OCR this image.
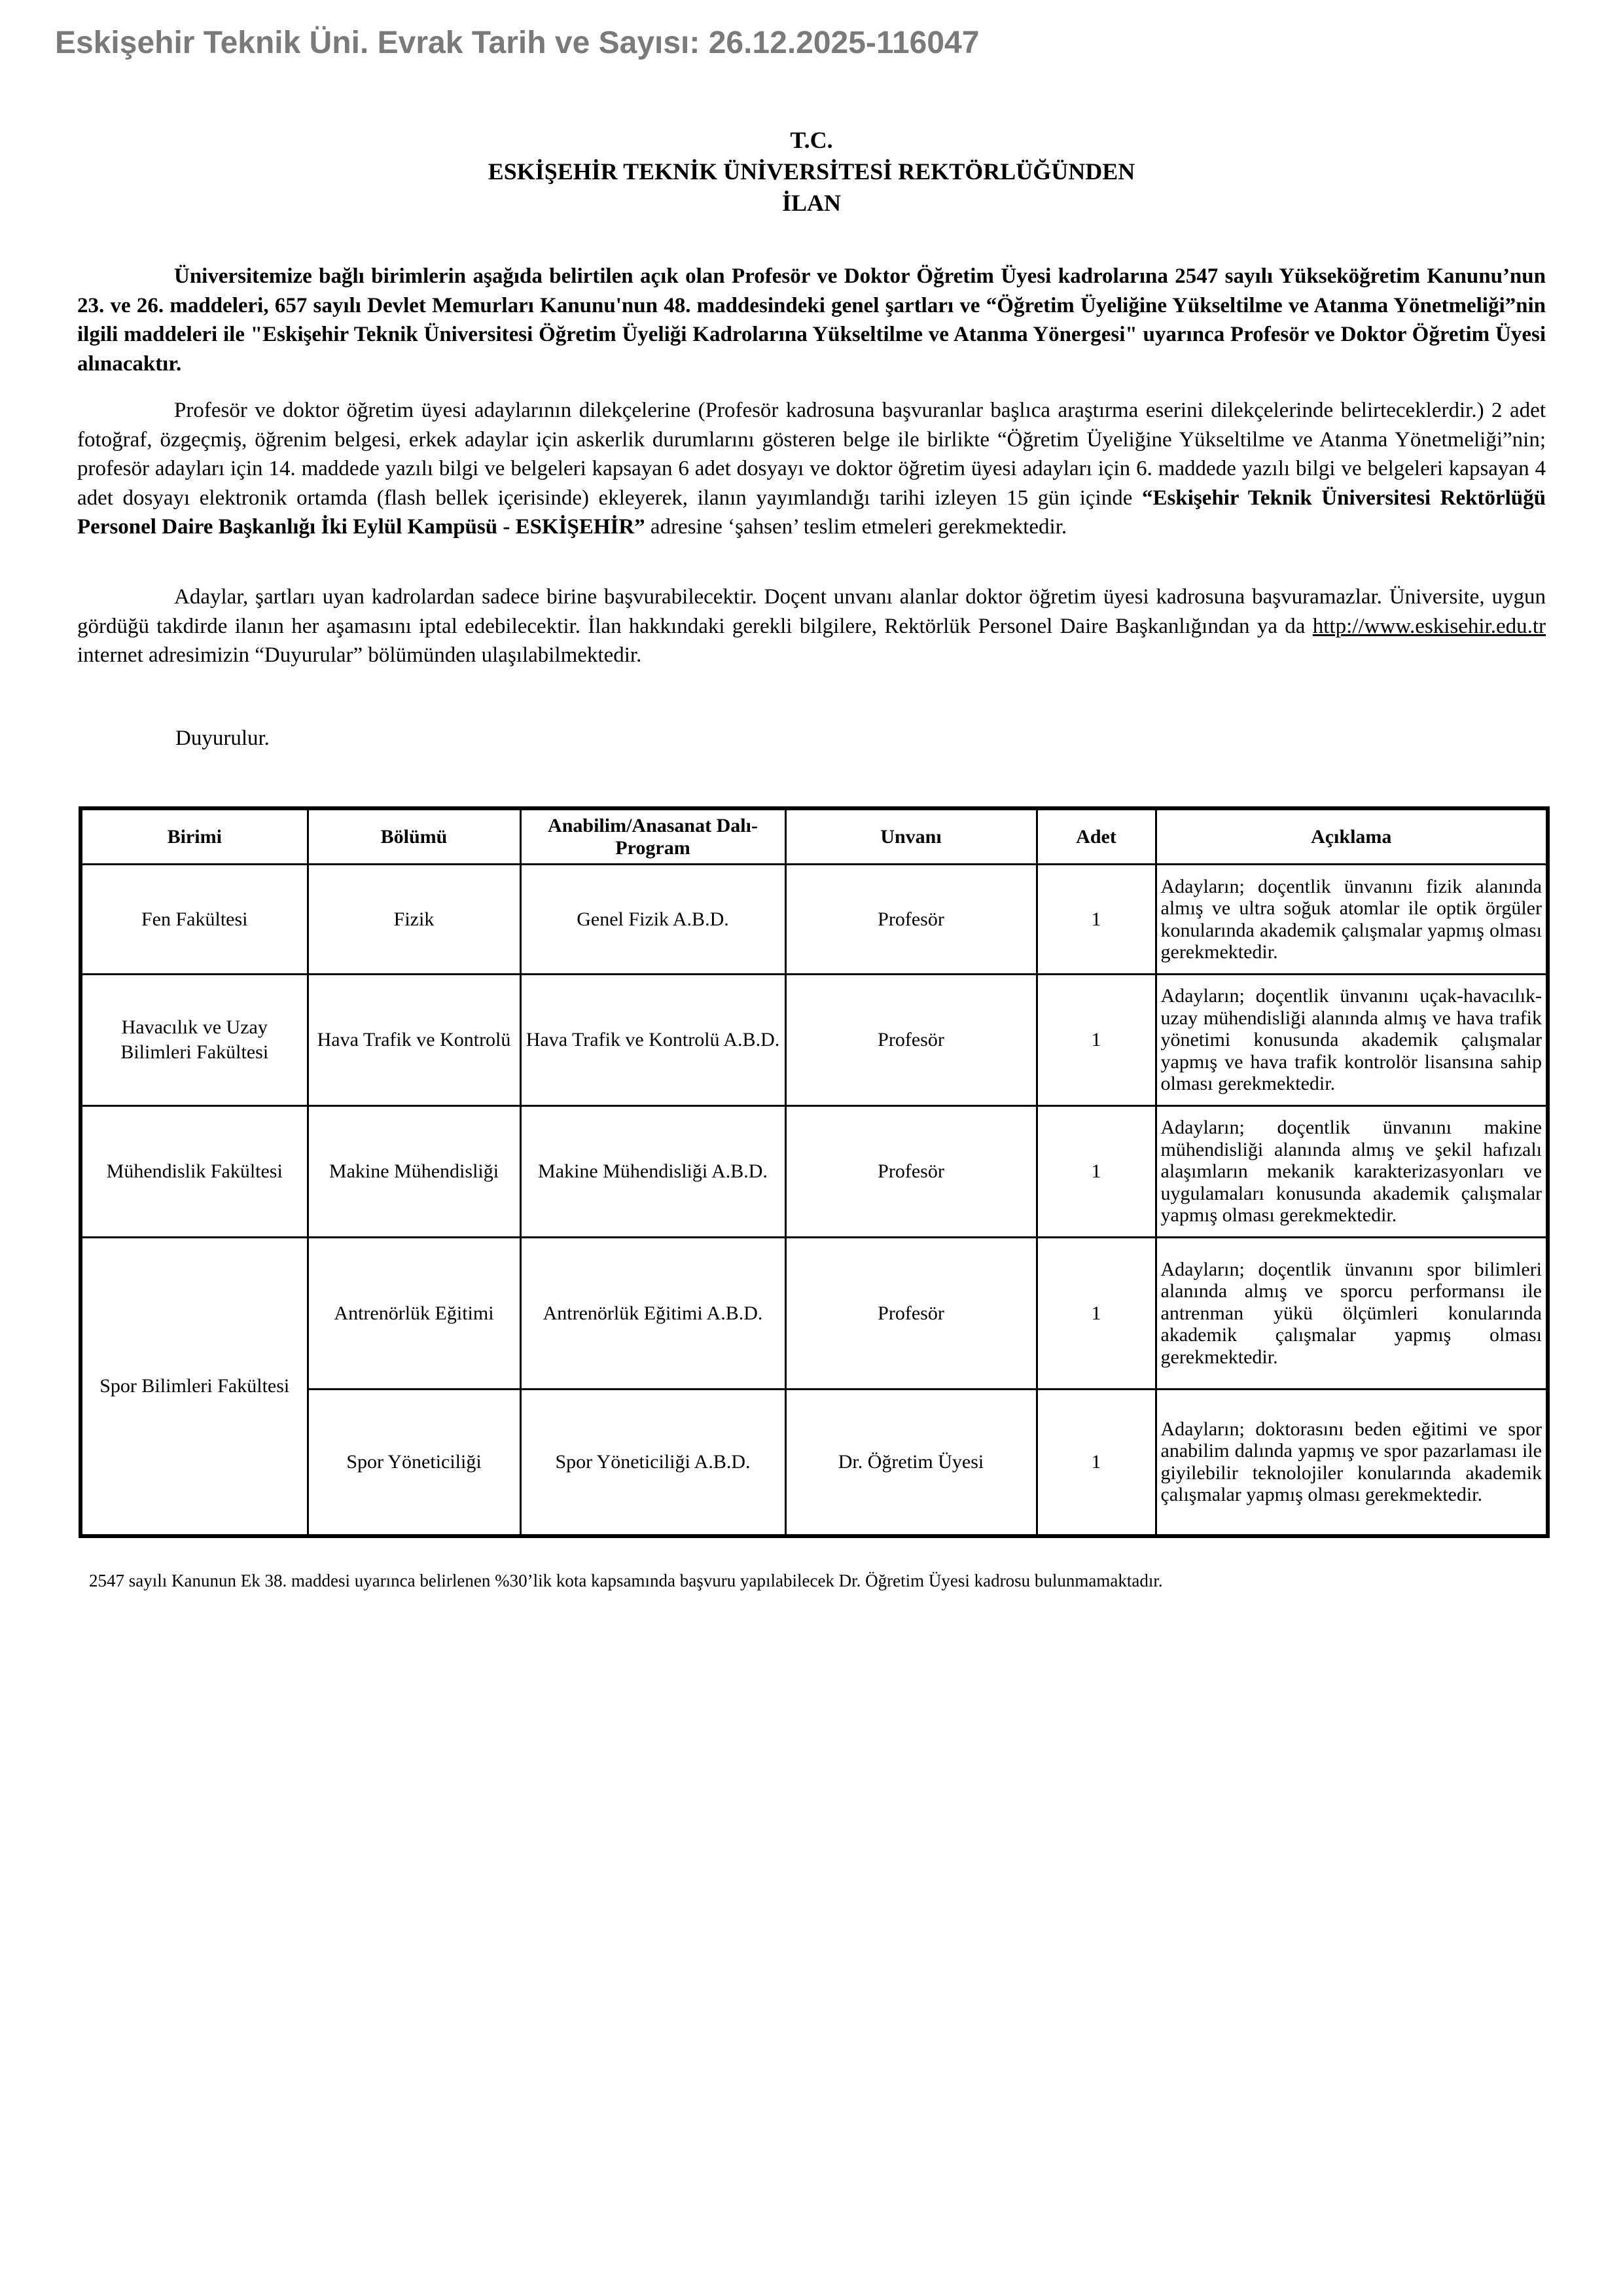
Eskişehir Teknik Üni. Evrak Tarih ve Sayısı: 26.12.2025-116047
T.C.
ESKİŞEHİR TEKNİK ÜNİVERSİTESİ REKTÖRLÜĞÜNDEN
İLAN

Üniversitemize bağlı birimlerin aşağıda belirtilen açık olan Profesör ve Doktor Öğretim Üyesi kadrolarına 2547 sayılı Yükseköğretim Kanunu’nun 23. ve 26. maddeleri, 657 sayılı Devlet Memurları Kanunu'nun 48. maddesindeki genel şartları ve “Öğretim Üyeliğine Yükseltilme ve Atanma Yönetmeliği”nin ilgili maddeleri ile "Eskişehir Teknik Üniversitesi Öğretim Üyeliği Kadrolarına Yükseltilme ve Atanma Yönergesi" uyarınca Profesör ve Doktor Öğretim Üyesi alınacaktır.

Profesör ve doktor öğretim üyesi adaylarının dilekçelerine (Profesör kadrosuna başvuranlar başlıca araştırma eserini dilekçelerinde belirteceklerdir.) 2 adet fotoğraf, özgeçmiş, öğrenim belgesi, erkek adaylar için askerlik durumlarını gösteren belge ile birlikte “Öğretim Üyeliğine Yükseltilme ve Atanma Yönetmeliği”nin; profesör adayları için 14. maddede yazılı bilgi ve belgeleri kapsayan 6 adet dosyayı ve doktor öğretim üyesi adayları için 6. maddede yazılı bilgi ve belgeleri kapsayan 4 adet dosyayı elektronik ortamda (flash bellek içerisinde) ekleyerek, ilanın yayımlandığı tarihi izleyen 15 gün içinde “Eskişehir Teknik Üniversitesi Rektörlüğü Personel Daire Başkanlığı İki Eylül Kampüsü - ESKİŞEHİR” adresine ‘şahsen’ teslim etmeleri gerekmektedir.

Adaylar, şartları uyan kadrolardan sadece birine başvurabilecektir. Doçent unvanı alanlar doktor öğretim üyesi kadrosuna başvuramazlar. Üniversite, uygun gördüğü takdirde ilanın her aşamasını iptal edebilecektir. İlan hakkındaki gerekli bilgilere, Rektörlük Personel Daire Başkanlığından ya da http://www.eskisehir.edu.tr internet adresimizin “Duyurular” bölümünden ulaşılabilmektedir.

Duyurulur.
Birimi	Bölümü	Anabilim/Anasanat Dalı-Program	Unvanı	Adet	Açıklama
Fen Fakültesi	Fizik	Genel Fizik A.B.D.	Profesör	1	Adayların; doçentlik ünvanını fizik alanında almış ve ultra soğuk atomlar ile optik örgüler konularında akademik çalışmalar yapmış olması gerekmektedir.
Havacılık ve Uzay Bilimleri Fakültesi	Hava Trafik ve Kontrolü	Hava Trafik ve Kontrolü A.B.D.	Profesör	1	Adayların; doçentlik ünvanını uçak-havacılık-uzay mühendisliği alanında almış ve hava trafik yönetimi konusunda akademik çalışmalar yapmış ve hava trafik kontrolör lisansına sahip olması gerekmektedir.
Mühendislik Fakültesi	Makine Mühendisliği	Makine Mühendisliği A.B.D.	Profesör	1	Adayların; doçentlik ünvanını makine mühendisliği alanında almış ve şekil hafızalı alaşımların mekanik karakterizasyonları ve uygulamaları konusunda akademik çalışmalar yapmış olması gerekmektedir.
Spor Bilimleri Fakültesi	Antrenörlük Eğitimi	Antrenörlük Eğitimi A.B.D.	Profesör	1	Adayların; doçentlik ünvanını spor bilimleri alanında almış ve sporcu performansı ile antrenman yükü ölçümleri konularında akademik çalışmalar yapmış olması gerekmektedir.
	Spor Yöneticiliği	Spor Yöneticiliği A.B.D.	Dr. Öğretim Üyesi	1	Adayların; doktorasını beden eğitimi ve spor anabilim dalında yapmış ve spor pazarlaması ile giyilebilir teknolojiler konularında akademik çalışmalar yapmış olması gerekmektedir.
2547 sayılı Kanunun Ek 38. maddesi uyarınca belirlenen %30’lik kota kapsamında başvuru yapılabilecek Dr. Öğretim Üyesi kadrosu bulunmamaktadır.
